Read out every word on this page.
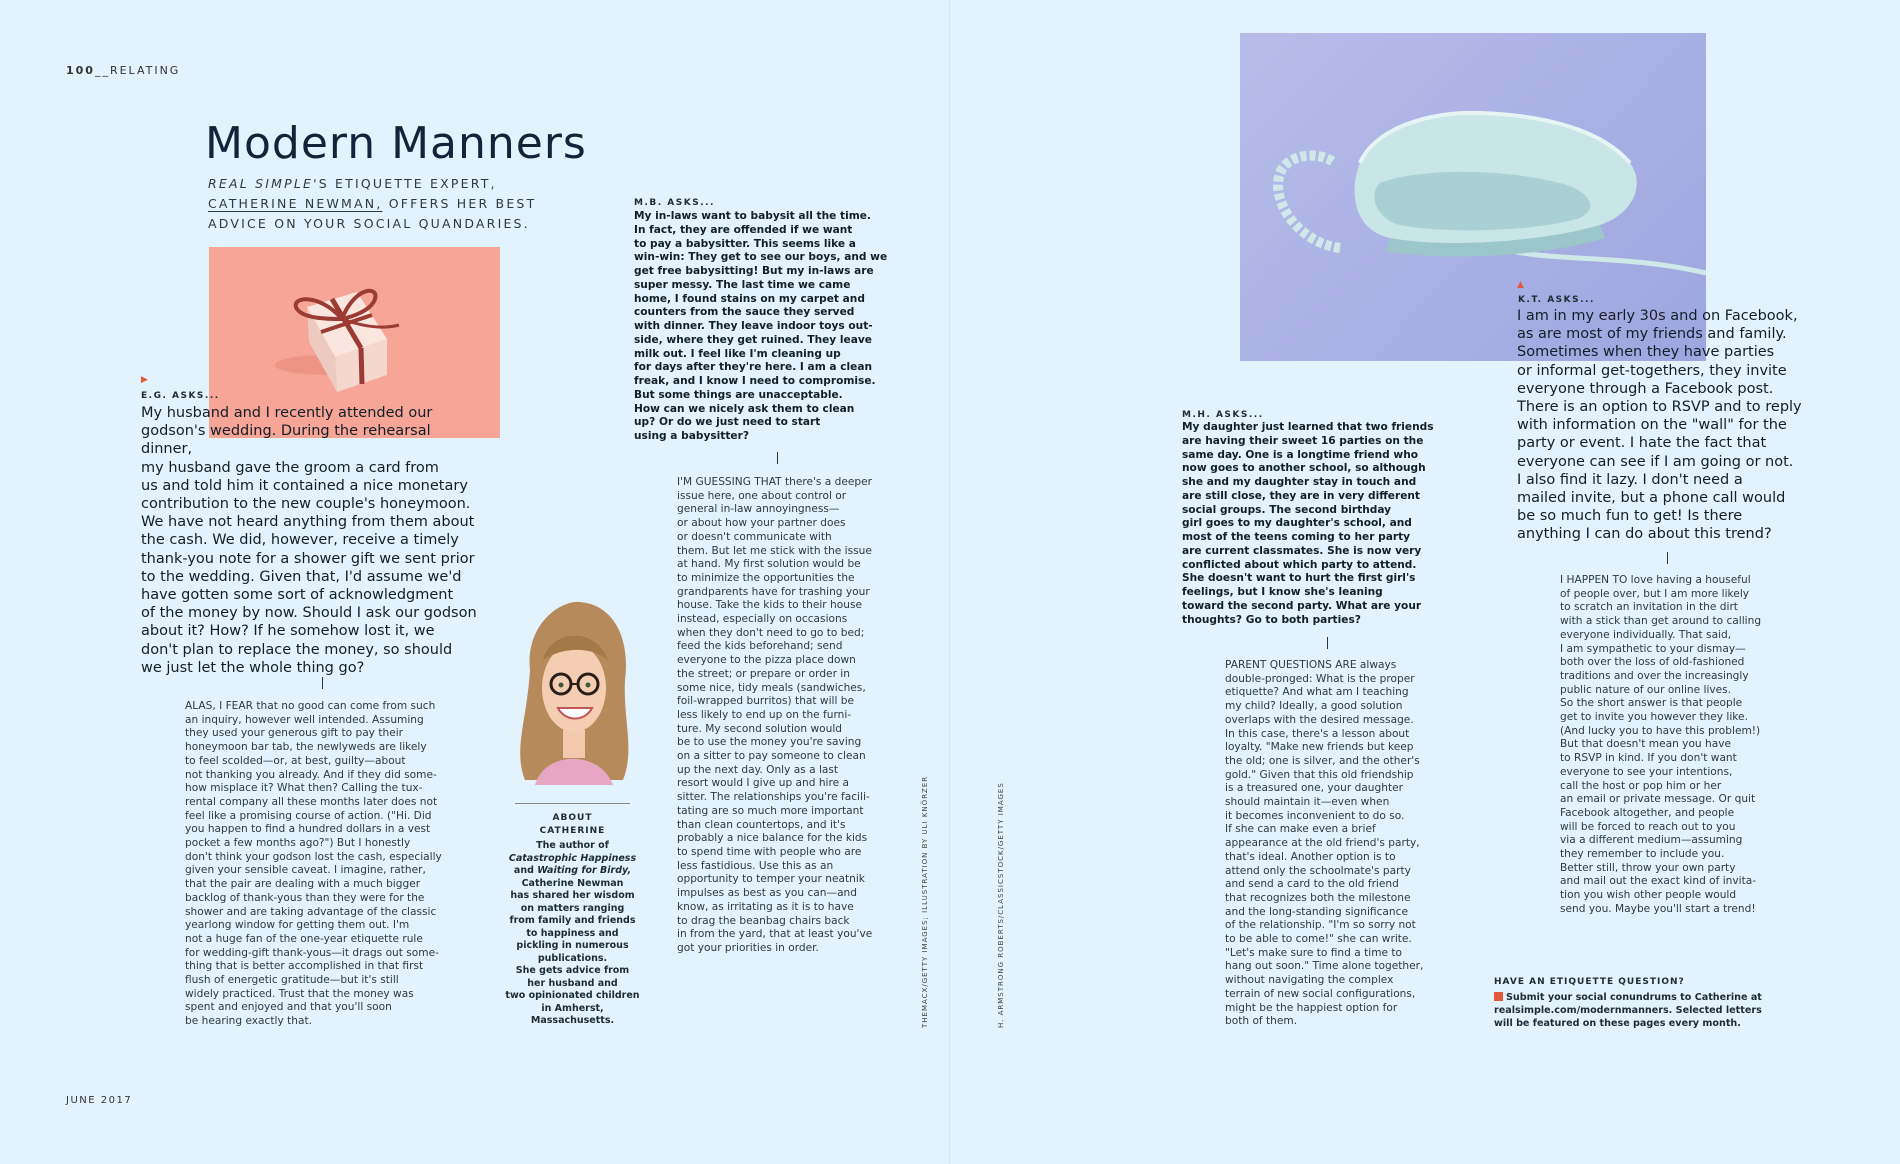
100__RELATING
JUNE 2017
Modern Manners
REAL SIMPLE'S ETIQUETTE EXPERT,
CATHERINE NEWMAN, OFFERS HER BEST ADVICE ON YOUR SOCIAL QUANDARIES.
▶
E.G. ASKS...
My husband and I recently attended our
godson's wedding. During the rehearsal dinner,
my husband gave the groom a card from
us and told him it contained a nice monetary
contribution to the new couple's honeymoon.
We have not heard anything from them about
the cash. We did, however, receive a timely
thank-you note for a shower gift we sent prior
to the wedding. Given that, I'd assume we'd
have gotten some sort of acknowledgment
of the money by now. Should I ask our godson
about it? How? If he somehow lost it, we
don't plan to replace the money, so should
we just let the whole thing go?
ALAS, I FEAR that no good can come from such
an inquiry, however well intended. Assuming
they used your generous gift to pay their
honeymoon bar tab, the newlyweds are likely
to feel scolded—or, at best, guilty—about
not thanking you already. And if they did some-
how misplace it? What then? Calling the tux-
rental company all these months later does not
feel like a promising course of action. ("Hi. Did
you happen to find a hundred dollars in a vest
pocket a few months ago?") But I honestly
don't think your godson lost the cash, especially
given your sensible caveat. I imagine, rather,
that the pair are dealing with a much bigger
backlog of thank-yous than they were for the
shower and are taking advantage of the classic
yearlong window for getting them out. I'm
not a huge fan of the one-year etiquette rule
for wedding-gift thank-yous—it drags out some-
thing that is better accomplished in that first
flush of energetic gratitude—but it's still
widely practiced. Trust that the money was
spent and enjoyed and that you'll soon
be hearing exactly that.
ABOUT
CATHERINE
The author of
Catastrophic Happiness
and Waiting for Birdy,
Catherine Newman
has shared her wisdom
on matters ranging
from family and friends
to happiness and
pickling in numerous
publications.
She gets advice from
her husband and
two opinionated children
in Amherst,
Massachusetts.
M.B. ASKS...
My in-laws want to babysit all the time.
In fact, they are offended if we want
to pay a babysitter. This seems like a
win-win: They get to see our boys, and we
get free babysitting! But my in-laws are
super messy. The last time we came
home, I found stains on my carpet and
counters from the sauce they served
with dinner. They leave indoor toys out-
side, where they get ruined. They leave
milk out. I feel like I'm cleaning up
for days after they're here. I am a clean
freak, and I know I need to compromise.
But some things are unacceptable.
How can we nicely ask them to clean
up? Or do we just need to start
using a babysitter?
I'M GUESSING THAT there's a deeper
issue here, one about control or
general in-law annoyingness—
or about how your partner does
or doesn't communicate with
them. But let me stick with the issue
at hand. My first solution would be
to minimize the opportunities the
grandparents have for trashing your
house. Take the kids to their house
instead, especially on occasions
when they don't need to go to bed;
feed the kids beforehand; send
everyone to the pizza place down
the street; or prepare or order in
some nice, tidy meals (sandwiches,
foil-wrapped burritos) that will be
less likely to end up on the furni-
ture. My second solution would
be to use the money you're saving
on a sitter to pay someone to clean
up the next day. Only as a last
resort would I give up and hire a
sitter. The relationships you're facili-
tating are so much more important
than clean countertops, and it's
probably a nice balance for the kids
to spend time with people who are
less fastidious. Use this as an
opportunity to temper your neatnik
impulses as best as you can—and
know, as irritating as it is to have
to drag the beanbag chairs back
in from the yard, that at least you've
got your priorities in order.	THEMACX/GETTY IMAGES; ILLUSTRATION BY ULI KNÖRZER	H. ARMSTRONG ROBERTS/CLASSICSTOCK/GETTY IMAGES
M.H. ASKS...
My daughter just learned that two friends
are having their sweet 16 parties on the
same day. One is a longtime friend who
now goes to another school, so although
she and my daughter stay in touch and
are still close, they are in very different
social groups. The second birthday
girl goes to my daughter's school, and
most of the teens coming to her party
are current classmates. She is now very
conflicted about which party to attend.
She doesn't want to hurt the first girl's
feelings, but I know she's leaning
toward the second party. What are your
thoughts? Go to both parties?
PARENT QUESTIONS ARE always
double-pronged: What is the proper
etiquette? And what am I teaching
my child? Ideally, a good solution
overlaps with the desired message.
In this case, there's a lesson about
loyalty. "Make new friends but keep
the old; one is silver, and the other's
gold." Given that this old friendship
is a treasured one, your daughter
should maintain it—even when
it becomes inconvenient to do so.
If she can make even a brief
appearance at the old friend's party,
that's ideal. Another option is to
attend only the schoolmate's party
and send a card to the old friend
that recognizes both the milestone
and the long-standing significance
of the relationship. "I'm so sorry not
to be able to come!" she can write.
"Let's make sure to find a time to
hang out soon." Time alone together,
without navigating the complex
terrain of new social configurations,
might be the happiest option for
both of them.
▲
K.T. ASKS...
I am in my early 30s and on Facebook,
as are most of my friends and family.
Sometimes when they have parties
or informal get-togethers, they invite
everyone through a Facebook post.
There is an option to RSVP and to reply
with information on the "wall" for the
party or event. I hate the fact that
everyone can see if I am going or not.
I also find it lazy. I don't need a
mailed invite, but a phone call would
be so much fun to get! Is there
anything I can do about this trend?
I HAPPEN TO love having a houseful
of people over, but I am more likely
to scratch an invitation in the dirt
with a stick than get around to calling
everyone individually. That said,
I am sympathetic to your dismay—
both over the loss of old-fashioned
traditions and over the increasingly
public nature of our online lives.
So the short answer is that people
get to invite you however they like.
(And lucky you to have this problem!)
But that doesn't mean you have
to RSVP in kind. If you don't want
everyone to see your intentions,
call the host or pop him or her
an email or private message. Or quit
Facebook altogether, and people
will be forced to reach out to you
via a different medium—assuming
they remember to include you.
Better still, throw your own party
and mail out the exact kind of invita-
tion you wish other people would
send you. Maybe you'll start a trend!
HAVE AN ETIQUETTE QUESTION?
Submit your social conundrums to Catherine at realsimple.com/modernmanners. Selected letters will be featured on these pages every month.
